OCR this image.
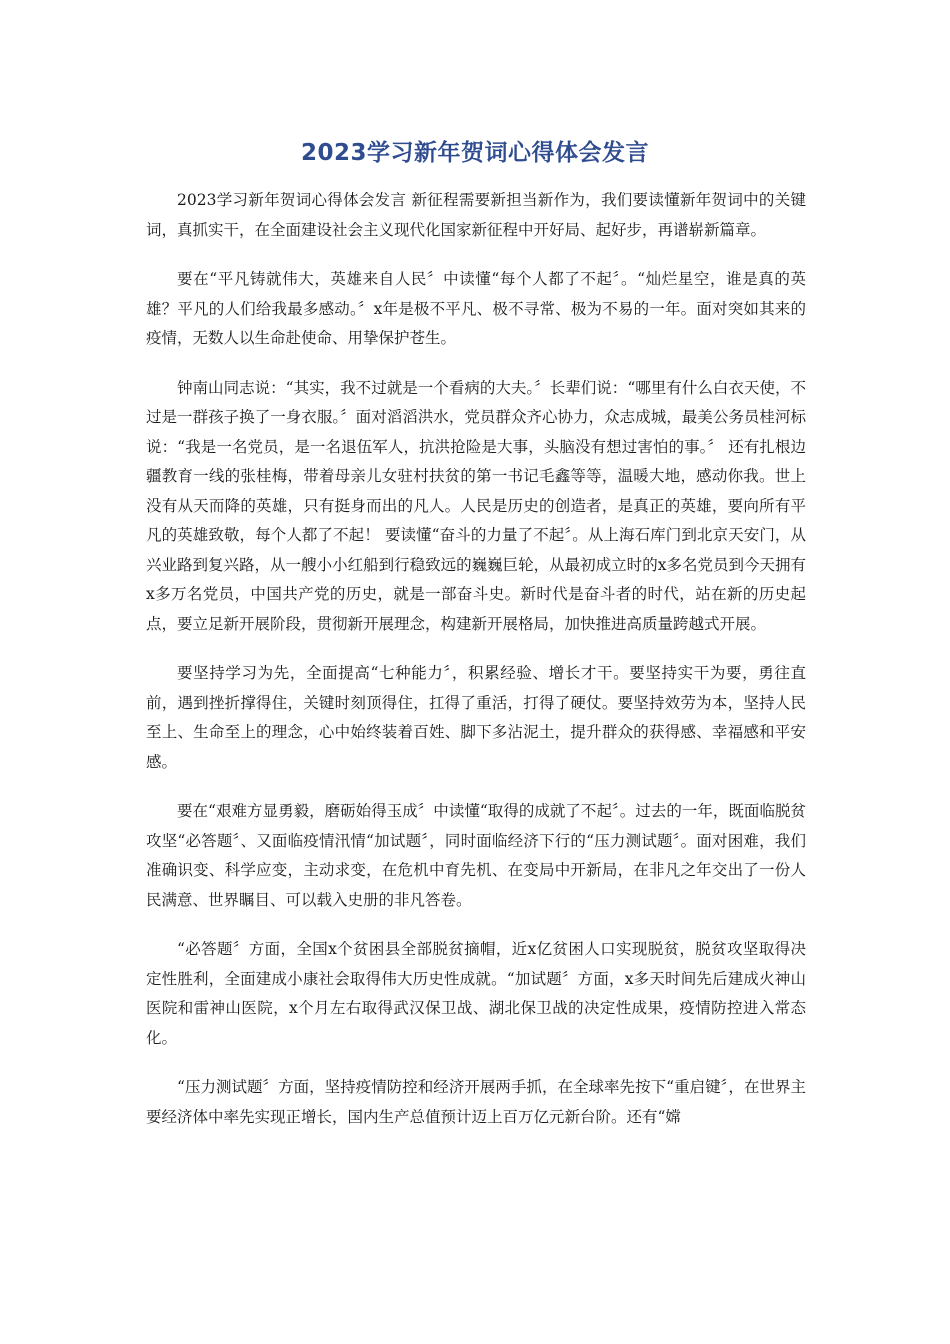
2023学习新年贺词心得体会发言

2023学习新年贺词心得体会发言 新征程需要新担当新作为，我们要读懂新年贺词中的关键词，真抓实干，在全面建设社会主义现代化国家新征程中开好局、起好步，再谱崭新篇章。

要在“平凡铸就伟大，英雄来自人民〞中读懂“每个人都了不起〞。“灿烂星空，谁是真的英雄？平凡的人们给我最多感动。〞x年是极不平凡、极不寻常、极为不易的一年。面对突如其来的疫情，无数人以生命赴使命、用挚保护苍生。

钟南山同志说：“其实，我不过就是一个看病的大夫。〞长辈们说：“哪里有什么白衣天使，不过是一群孩子换了一身衣服。〞面对滔滔洪水，党员群众齐心协力，众志成城，最美公务员桂河标说：“我是一名党员，是一名退伍军人，抗洪抢险是大事，头脑没有想过害怕的事。〞 还有扎根边疆教育一线的张桂梅，带着母亲儿女驻村扶贫的第一书记毛鑫等等，温暖大地，感动你我。世上没有从天而降的英雄，只有挺身而出的凡人。人民是历史的创造者，是真正的英雄，要向所有平凡的英雄致敬，每个人都了不起！ 要读懂“奋斗的力量了不起〞。从上海石库门到北京天安门，从兴业路到复兴路，从一艘小小红船到行稳致远的巍巍巨轮，从最初成立时的x多名党员到今天拥有x多万名党员，中国共产党的历史，就是一部奋斗史。新时代是奋斗者的时代，站在新的历史起点，要立足新开展阶段，贯彻新开展理念，构建新开展格局，加快推进高质量跨越式开展。

要坚持学习为先，全面提高“七种能力〞，积累经验、增长才干。要坚持实干为要，勇往直前，遇到挫折撑得住，关键时刻顶得住，扛得了重活，打得了硬仗。要坚持效劳为本，坚持人民至上、生命至上的理念，心中始终装着百姓、脚下多沾泥土，提升群众的获得感、幸福感和平安感。

要在“艰难方显勇毅，磨砺始得玉成〞中读懂“取得的成就了不起〞。过去的一年，既面临脱贫攻坚“必答题〞、又面临疫情汛情“加试题〞，同时面临经济下行的“压力测试题〞。面对困难，我们准确识变、科学应变，主动求变，在危机中育先机、在变局中开新局，在非凡之年交出了一份人民满意、世界瞩目、可以载入史册的非凡答卷。

“必答题〞方面，全国x个贫困县全部脱贫摘帽，近x亿贫困人口实现脱贫，脱贫攻坚取得决定性胜利，全面建成小康社会取得伟大历史性成就。“加试题〞方面，x多天时间先后建成火神山医院和雷神山医院，x个月左右取得武汉保卫战、湖北保卫战的决定性成果，疫情防控进入常态化。

“压力测试题〞方面，坚持疫情防控和经济开展两手抓，在全球率先按下“重启键〞，在世界主要经济体中率先实现正增长，国内生产总值预计迈上百万亿元新台阶。还有“嫦
